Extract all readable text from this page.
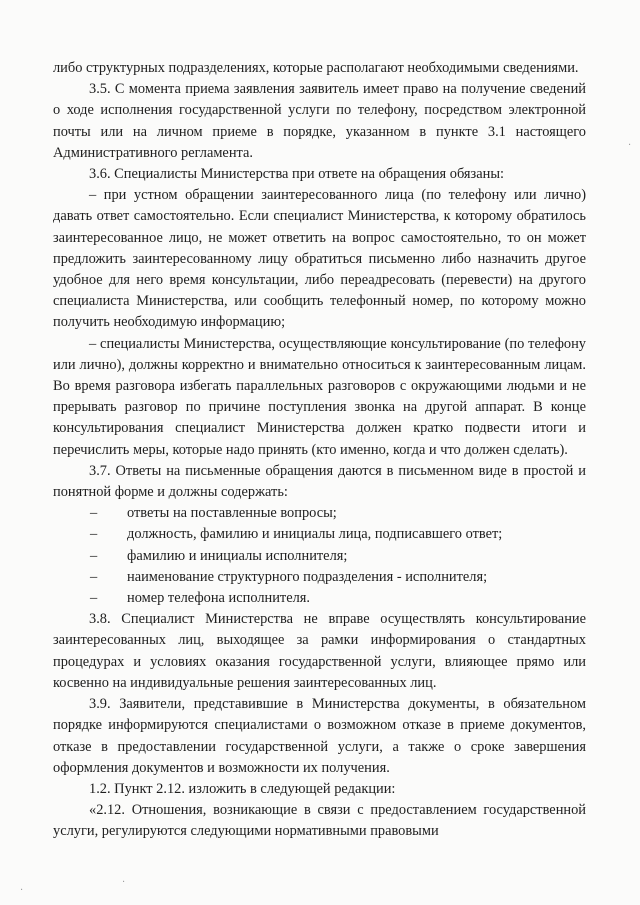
либо структурных подразделениях, которые располагают необходимыми сведениями.

3.5. С момента приема заявления заявитель имеет право на получение сведений о ходе исполнения государственной услуги по телефону, посредством электронной почты или на личном приеме в порядке, указанном в пункте 3.1 настоящего Административного регламента.

3.6. Специалисты Министерства при ответе на обращения обязаны:

– при устном обращении заинтересованного лица (по телефону или лично) давать ответ самостоятельно. Если специалист Министерства, к которому обратилось заинтересованное лицо, не может ответить на вопрос самостоятельно, то он может предложить заинтересованному лицу обратиться письменно либо назначить другое удобное для него время консультации, либо переадресовать (перевести) на другого специалиста Министерства, или сообщить телефонный номер, по которому можно получить необходимую информацию;

– специалисты Министерства, осуществляющие консультирование (по телефону или лично), должны корректно и внимательно относиться к заинтересованным лицам. Во время разговора избегать параллельных разговоров с окружающими людьми и не прерывать разговор по причине поступления звонка на другой аппарат. В конце консультирования специалист Министерства должен кратко подвести итоги и перечислить меры, которые надо принять (кто именно, когда и что должен сделать).

3.7. Ответы на письменные обращения даются в письменном виде в простой и понятной форме и должны содержать:

–	ответы на поставленные вопросы;
–	должность, фамилию и инициалы лица, подписавшего ответ;
–	фамилию и инициалы исполнителя;
–	наименование структурного подразделения - исполнителя;
–	номер телефона исполнителя.

3.8. Специалист Министерства не вправе осуществлять консультирование заинтересованных лиц, выходящее за рамки информирования о стандартных процедурах и условиях оказания государственной услуги, влияющее прямо или косвенно на индивидуальные решения заинтересованных лиц.

3.9. Заявители, представившие в Министерства документы, в обязательном порядке информируются специалистами о возможном отказе в приеме документов, отказе в предоставлении государственной услуги, а также о сроке завершения оформления документов и возможности их получения.

1.2. Пункт 2.12. изложить в следующей редакции:

«2.12. Отношения, возникающие в связи с предоставлением государственной услуги, регулируются следующими нормативными правовыми

·
·
·
